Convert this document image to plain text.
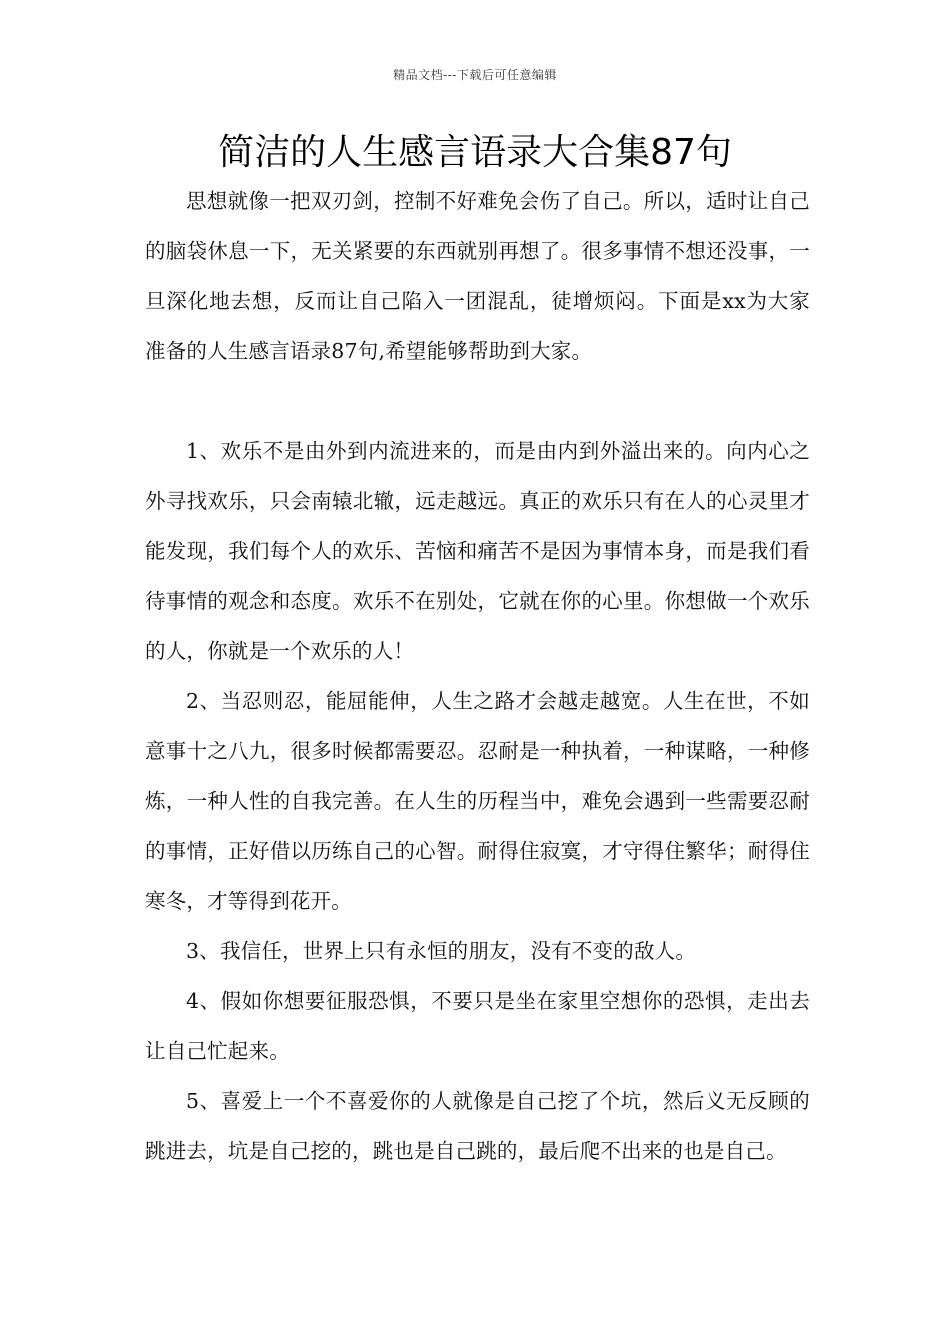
精品文档---下载后可任意编辑
简洁的人生感言语录大合集87句

思想就像一把双刃剑，控制不好难免会伤了自己。所以，适时让自己 的脑袋休息一下，无关紧要的东西就别再想了。很多事情不想还没事，一 旦深化地去想，反而让自己陷入一团混乱，徒增烦闷。下面是xx为大家准备的人生感言语录87句,希望能够帮助到大家。

1、欢乐不是由外到内流进来的，而是由内到外溢出来的。向内心之外寻找欢乐，只会南辕北辙，远走越远。真正的欢乐只有在人的心灵里才能发现，我们每个人的欢乐、苦恼和痛苦不是因为事情本身，而是我们看待事情的观念和态度。欢乐不在别处，它就在你的心里。你想做一个欢乐的人，你就是一个欢乐的人！

2、当忍则忍，能屈能伸，人生之路才会越走越宽。人生在世，不如意事十之八九，很多时候都需要忍。忍耐是一种执着，一种谋略，一种修炼，一种人性的自我完善。在人生的历程当中，难免会遇到一些需要忍耐的事情，正好借以历练自己的心智。耐得住寂寞，才守得住繁华；耐得住寒冬，才等得到花开。

3、我信任，世界上只有永恒的朋友，没有不变的敌人。

4、假如你想要征服恐惧，不要只是坐在家里空想你的恐惧，走出去让自己忙起来。

5、喜爱上一个不喜爱你的人就像是自己挖了个坑，然后义无反顾的跳进去，坑是自己挖的，跳也是自己跳的，最后爬不出来的也是自己。
